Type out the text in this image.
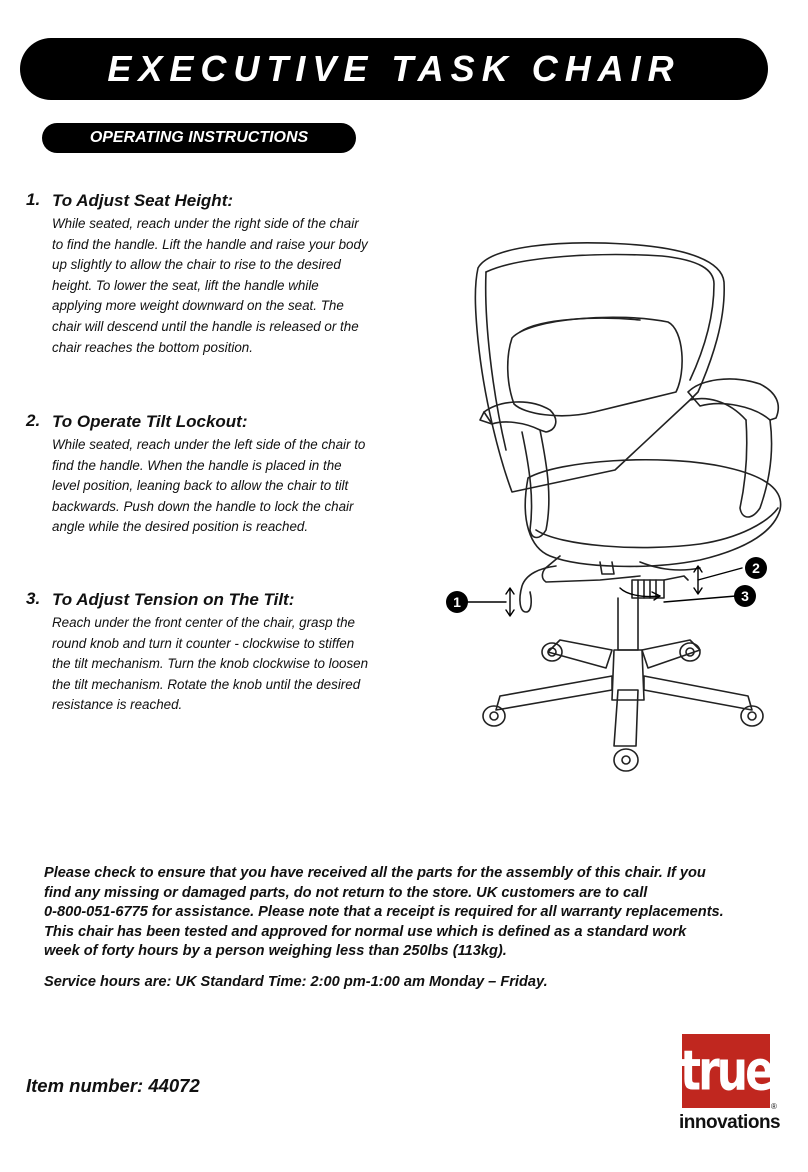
EXECUTIVE TASK CHAIR
OPERATING INSTRUCTIONS
1. To Adjust Seat Height:
While seated, reach under the right side of the chair
to find the handle. Lift the handle and raise your body
up slightly to allow the chair to rise to the desired
height. To lower the seat, lift the handle while
applying more weight downward on the seat. The
chair will descend until the handle is released or the
chair reaches the bottom position.
2. To Operate Tilt Lockout:
While seated, reach under the left side of the chair to
find the handle. When the handle is placed in the
level position, leaning back to allow the chair to tilt
backwards. Push down the handle to lock the chair
angle while the desired position is reached.
3. To Adjust Tension on The Tilt:
Reach under the front center of the chair, grasp the
round knob and turn it counter - clockwise to stiffen
the tilt mechanism. Turn the knob clockwise to loosen
the tilt mechanism. Rotate the knob until the desired
resistance is reached.
1
2
3
Please check to ensure that you have received all the parts for the assembly of this chair. If you
find any missing or damaged parts, do not return to the store. UK customers are to call
0-800-051-6775 for assistance. Please note that a receipt is required for all warranty replacements.
This chair has been tested and approved for normal use which is defined as a standard work
week of forty hours by a person weighing less than 250lbs (113kg).
Service hours are: UK Standard Time: 2:00 pm-1:00 am Monday – Friday.
Item number: 44072	true
®
innovations
